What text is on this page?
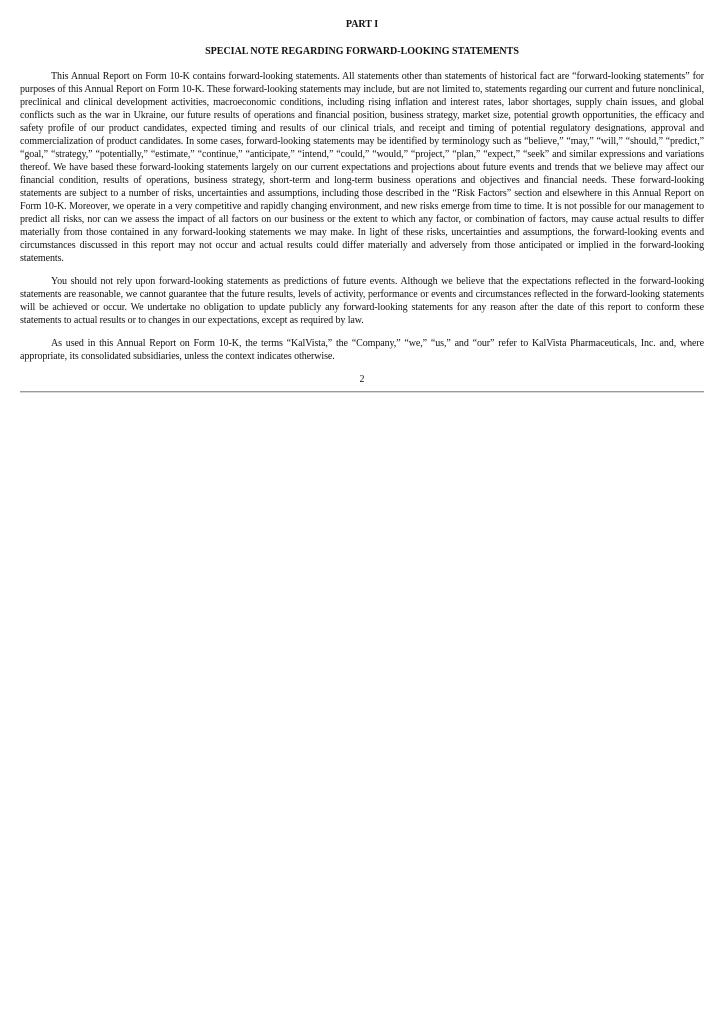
PART I
SPECIAL NOTE REGARDING FORWARD-LOOKING STATEMENTS

This Annual Report on Form 10-K contains forward-looking statements. All statements other than statements of historical fact are “forward-looking statements” for purposes of this Annual Report on Form 10-K. These forward-looking statements may include, but are not limited to, statements regarding our current and future nonclinical, preclinical and clinical development activities, macroeconomic conditions, including rising inflation and interest rates, labor shortages, supply chain issues, and global conflicts such as the war in Ukraine, our future results of operations and financial position, business strategy, market size, potential growth opportunities, the efficacy and safety profile of our product candidates, expected timing and results of our clinical trials, and receipt and timing of potential regulatory designations, approval and commercialization of product candidates. In some cases, forward-looking statements may be identified by terminology such as “believe,” “may,” “will,” “should,” “predict,” “goal,” “strategy,” “potentially,” “estimate,” “continue,” “anticipate,” “intend,” “could,” “would,” “project,” “plan,” “expect,” “seek” and similar expressions and variations thereof. We have based these forward-looking statements largely on our current expectations and projections about future events and trends that we believe may affect our financial condition, results of operations, business strategy, short-term and long-term business operations and objectives and financial needs. These forward-looking statements are subject to a number of risks, uncertainties and assumptions, including those described in the “Risk Factors” section and elsewhere in this Annual Report on Form 10-K. Moreover, we operate in a very competitive and rapidly changing environment, and new risks emerge from time to time. It is not possible for our management to predict all risks, nor can we assess the impact of all factors on our business or the extent to which any factor, or combination of factors, may cause actual results to differ materially from those contained in any forward-looking statements we may make. In light of these risks, uncertainties and assumptions, the forward-looking events and circumstances discussed in this report may not occur and actual results could differ materially and adversely from those anticipated or implied in the forward-looking statements.

You should not rely upon forward-looking statements as predictions of future events. Although we believe that the expectations reflected in the forward-looking statements are reasonable, we cannot guarantee that the future results, levels of activity, performance or events and circumstances reflected in the forward-looking statements will be achieved or occur. We undertake no obligation to update publicly any forward-looking statements for any reason after the date of this report to conform these statements to actual results or to changes in our expectations, except as required by law.

As used in this Annual Report on Form 10-K, the terms “KalVista,” the “Company,” “we,” “us,” and “our” refer to KalVista Pharmaceuticals, Inc. and, where appropriate, its consolidated subsidiaries, unless the context indicates otherwise.

2
